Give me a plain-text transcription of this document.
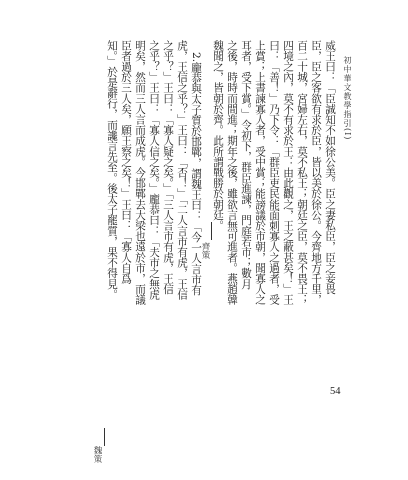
初中華文教學指引(I)
威王曰：「臣誠知不如徐公美。臣之妻私臣，臣之妾畏
臣，臣之客欲有求於臣，皆以美於徐公。今齊地方千里，
百二十城，宮婦左右，莫不私王；朝廷之臣，莫不畏王；
四境之內，莫不有求於王：由此觀之，王之蔽甚矣！」王
曰：「善！」乃下令：「群臣吏民能面刺寡人之過者，受
上賞；上書諫寡人者，受中賞；能謗議於市朝，聞寡人之
耳者，受下賞。」令初下，群臣進諫，門庭若市；數月
之後，時時而間進；期年之後，雖欲言無可進者。燕趙韓
魏聞之，皆朝於齊。此所謂戰勝於朝廷。
齊策
2.龐恭與太子質於邯鄲，謂魏王曰：「今一人言市有
虎，王信之乎？」王曰：「否！」「二人言市有虎，王信
之乎？」王曰：「寡人疑之矣。」「三人言市有虎，王信
之乎？」王曰：「寡人信之矣。」龐恭曰：「夫市之無虎
明矣，然而三人言而成虎。今邯鄲去大梁也遠於市，而議
臣者過於三人矣，願王察之矣！」王曰：「寡人自爲
知。」於是辭行，而讒言先至。後太子罷質，果不得見。
魏策
54
